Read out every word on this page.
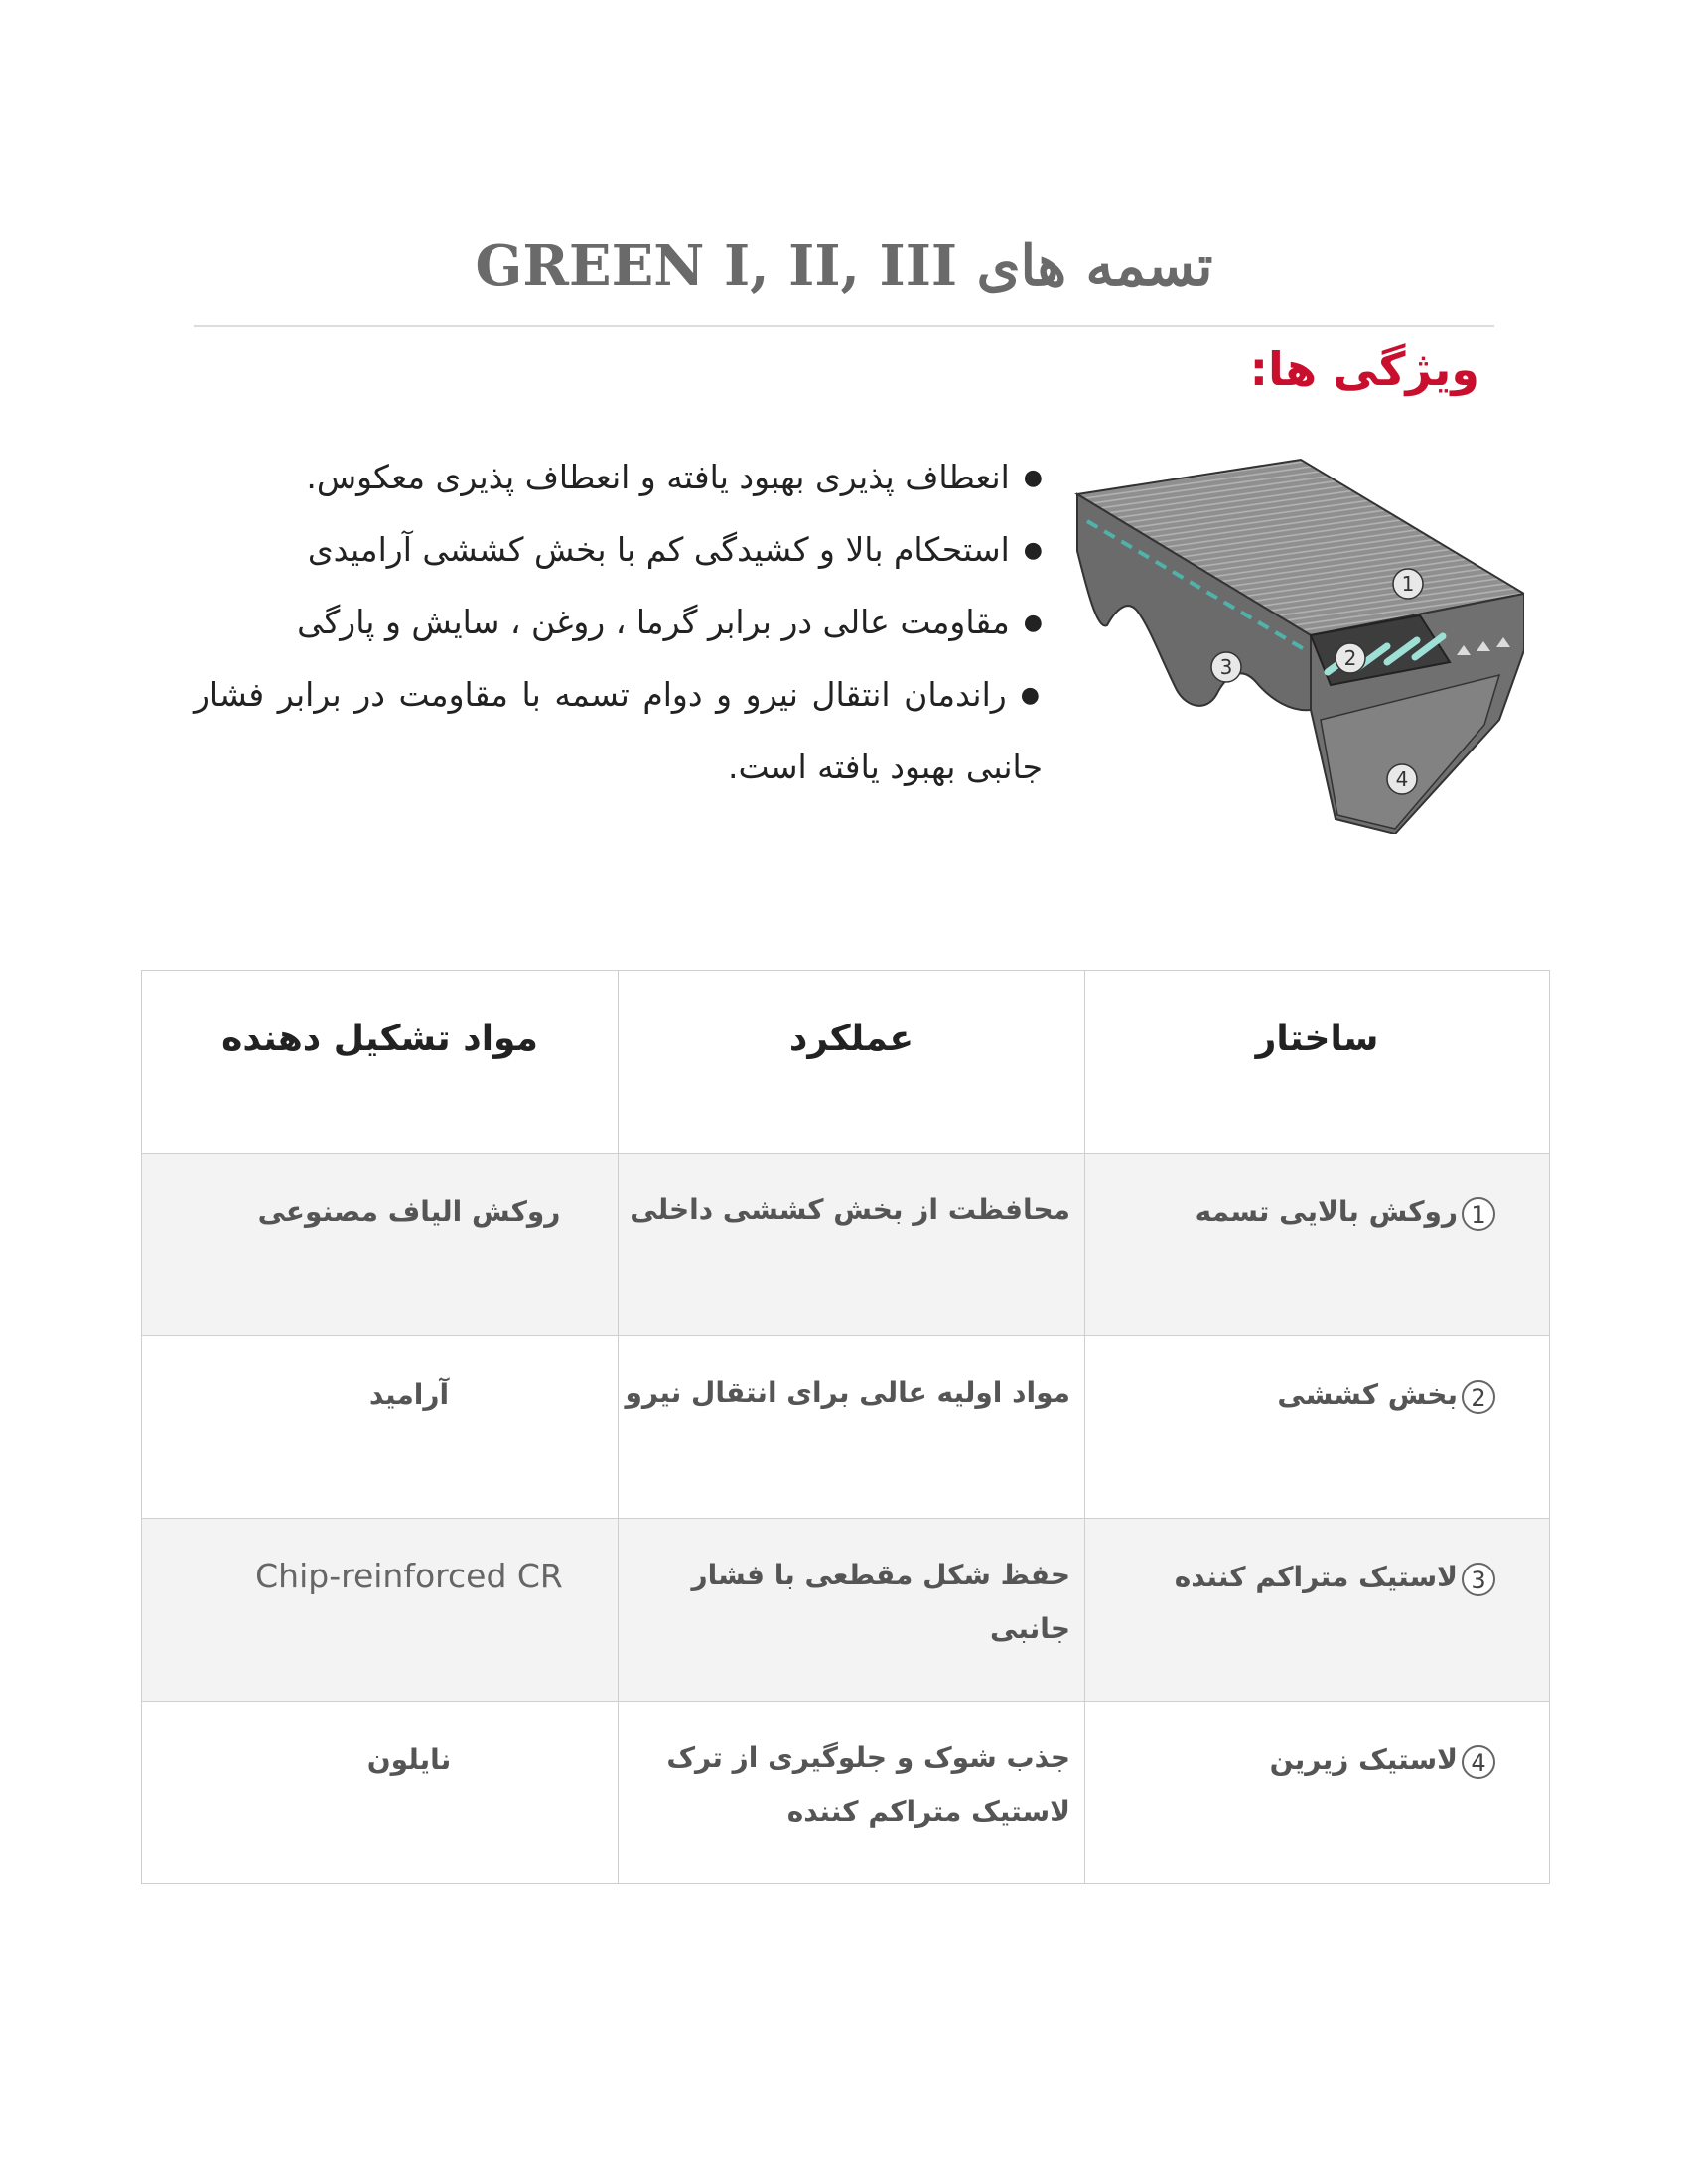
تسمه های GREEN I, II, III
ویژگی ها:
● انعطاف پذیری بهبود یافته و انعطاف پذیری معکوس.
● استحکام بالا و کشیدگی کم با بخش کششی آرامیدی
● مقاومت عالی در برابر گرما ، روغن ، سایش و پارگی
● راندمان انتقال نیرو و دوام تسمه با مقاومت در برابر فشار جانبی بهبود یافته است.
1
2
3
4
ساختار	عملکرد	مواد تشکیل دهنده
1روکش بالایی تسمه	محافظت از بخش کششی داخلی	روکش الیاف مصنوعی
2بخش کششی	مواد اولیه عالی برای انتقال نیرو	آرامید
3لاستیک متراکم کننده	حفظ شکل مقطعی با فشار جانبی	Chip-reinforced CR
4لاستیک زیرین	جذب شوک و جلوگیری از ترک لاستیک متراکم کننده	نایلون
